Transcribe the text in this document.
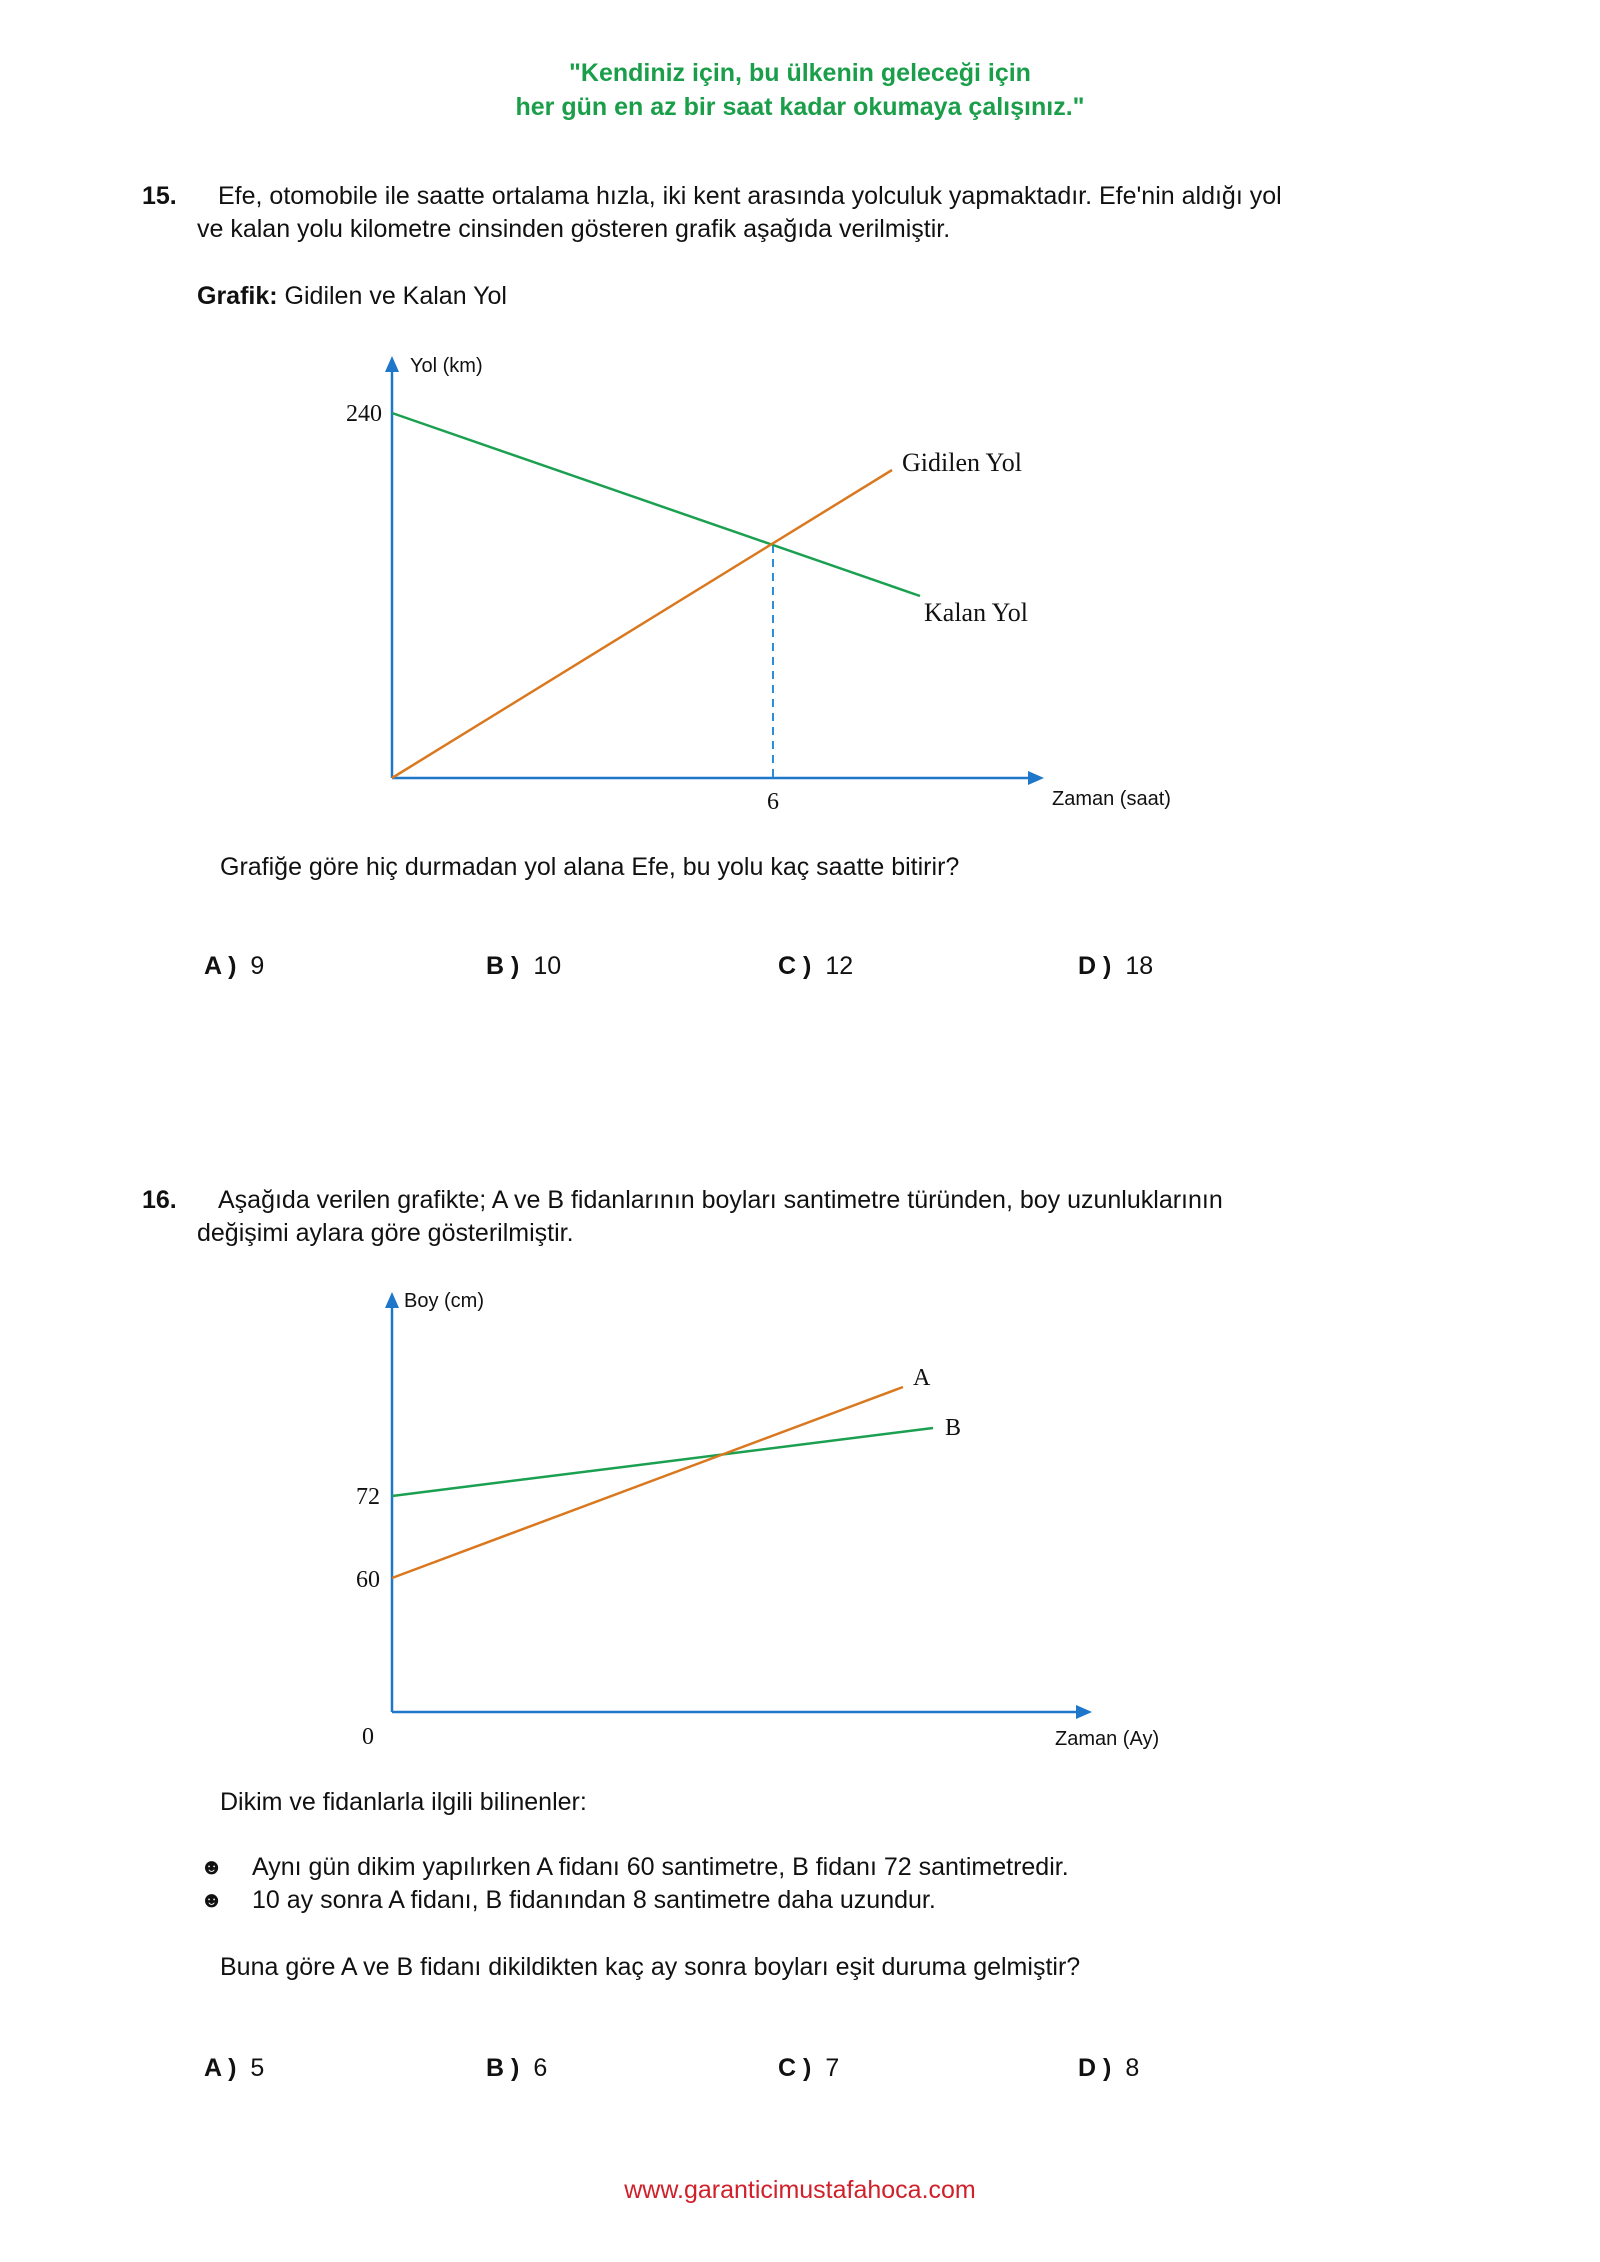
"Kendiniz için, bu ülkenin geleceği için
her gün en az bir saat kadar okumaya çalışınız."
15. Efe, otomobile ile saatte ortalama hızla, iki kent arasında yolculuk yapmaktadır. Efe'nin aldığı yol
ve kalan yolu kilometre cinsinden gösteren grafik aşağıda verilmiştir.
Grafik: Gidilen ve Kalan Yol
Yol (km)
240
6	Zaman (saat)
Gidilen Yol
Kalan Yol
Boy (cm)
72
60
0	Zaman (Ay)
A
B
Grafiğe göre hiç durmadan yol alana Efe, bu yolu kaç saatte bitirir?
A ) 9	B ) 10	C ) 12	D ) 18
16. Aşağıda verilen grafikte; A ve B fidanlarının boyları santimetre türünden, boy uzunluklarının
değişimi aylara göre gösterilmiştir.
Dikim ve fidanlarla ilgili bilinenler:
☻ Aynı gün dikim yapılırken A fidanı 60 santimetre, B fidanı 72 santimetredir.
☻ 10 ay sonra A fidanı, B fidanından 8 santimetre daha uzundur.
Buna göre A ve B fidanı dikildikten kaç ay sonra boyları eşit duruma gelmiştir?
A ) 5	B ) 6	C ) 7	D ) 8
www.garanticimustafahoca.com
